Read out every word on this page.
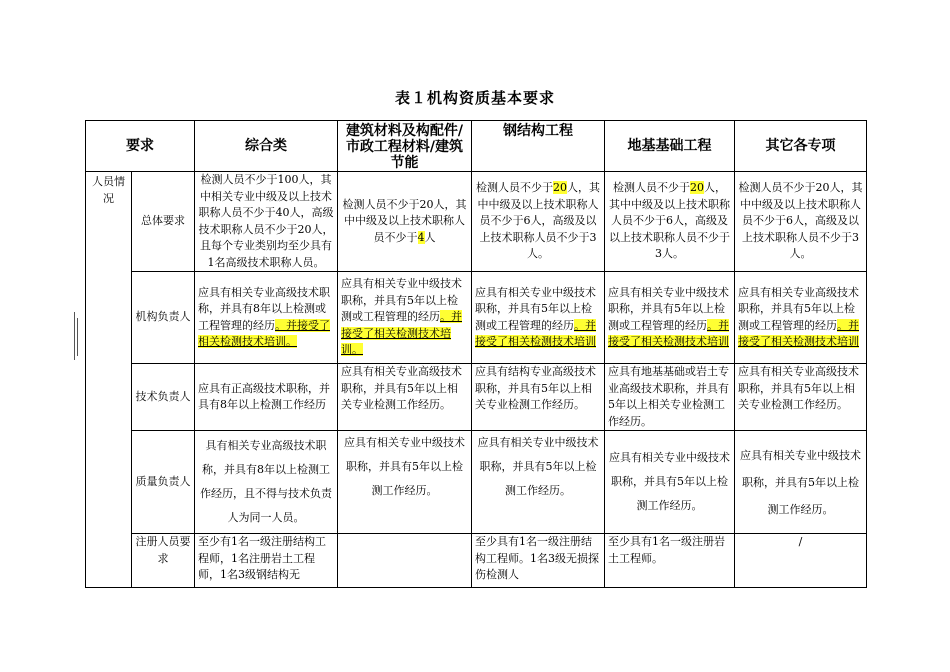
表１机构资质基本要求
要求		综合类	建筑材料及构配件/市政工程材料/建筑节能	钢结构工程	地基基础工程	其它各专项
人员情况	总体要求	检测人员不少于100人，其中相关专业中级及以上技术职称人员不少于40人，高级技术职称人员不少于20人，且每个专业类别均至少具有1名高级技术职称人员。	检测人员不少于20人，其中中级及以上技术职称人员不少于4人	检测人员不少于20人，其中中级及以上技术职称人员不少于6人，高级及以上技术职称人员不少于3人。	检测人员不少于20人，其中中级及以上技术职称人员不少于6人，高级及以上技术职称人员不少于3人。	检测人员不少于20人，其中中级及以上技术职称人员不少于6人，高级及以上技术职称人员不少于3人。
	机构负责人	应具有相关专业高级技术职称，并具有8年以上检测或工程管理的经历。并接受了相关检测技术培训。	应具有相关专业中级技术职称，并具有5年以上检测或工程管理的经历。并接受了相关检测技术培训。	应具有相关专业中级技术职称，并具有5年以上检测或工程管理的经历。并接受了相关检测技术培训	应具有相关专业中级技术职称，并具有5年以上检测或工程管理的经历。并接受了相关检测技术培训	应具有相关专业高级技术职称，并具有5年以上检测或工程管理的经历。并接受了相关检测技术培训
	技术负责人	应具有正高级技术职称，并具有8年以上检测工作经历	应具有相关专业高级技术职称，并具有5年以上相关专业检测工作经历。	应具有结构专业高级技术职称，并具有5年以上相关专业检测工作经历。	应具有地基基础或岩土专业高级技术职称，并具有5年以上相关专业检测工作经历。	应具有相关专业高级技术职称，并具有5年以上相关专业检测工作经历。
	质量负责人	具有相关专业高级技术职称，并具有8年以上检测工作经历，且不得与技术负责人为同一人员。	应具有相关专业中级技术职称，并具有5年以上检测工作经历。	应具有相关专业中级技术职称，并具有5年以上检测工作经历。	应具有相关专业中级技术职称，并具有5年以上检测工作经历。	应具有相关专业中级技术职称，并具有5年以上检测工作经历。
	注册人员要求	至少有1名一级注册结构工程师，1名注册岩土工程师，1名3级钢结构无		至少具有1名一级注册结构工程师。1名3级无损探伤检测人	至少具有1名一级注册岩土工程师。	/
